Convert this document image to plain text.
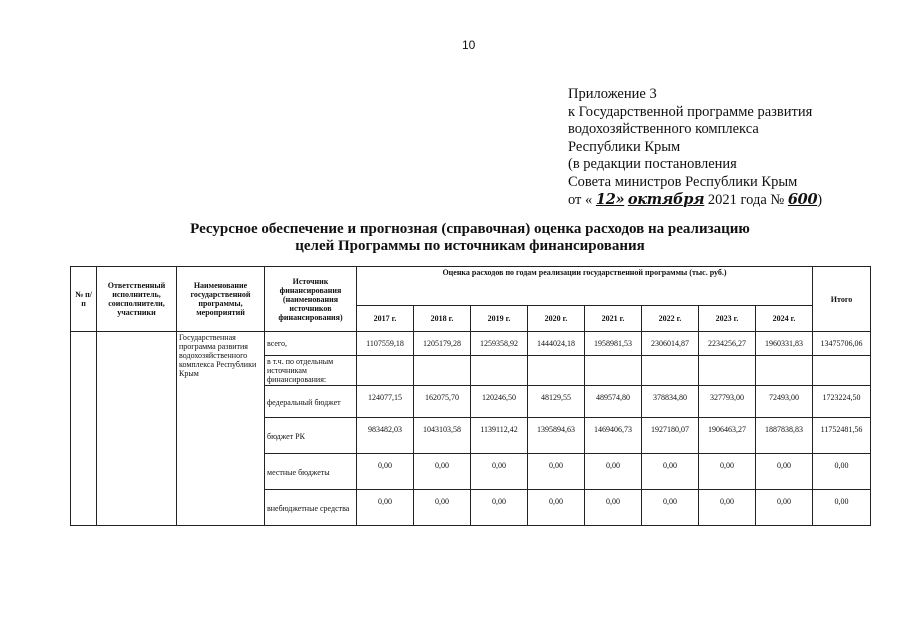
10
Приложение 3
к Государственной программе развития
водохозяйственного комплекса
Республики Крым
(в редакции постановления
Совета министров Республики Крым
от « 12» октября 2021 года № 600)
Ресурсное обеспечение и прогнозная (справочная) оценка расходов на реализацию
целей Программы по источникам финансирования
№ п/п	Ответственный исполнитель, соисполнители, участники	Наименование государственной программы, мероприятий	Источник финансирования (наименования источников финансирования)	Оценка расходов по годам реализации государственной программы (тыс. руб.)								Итого
				2017 г.	2018 г.	2019 г.	2020 г.	2021 г.	2022 г.	2023 г.	2024 г.	
		Государственная программа развития водохозяйственного комплекса Республики Крым	всего,	1107559,18	1205179,28	1259358,92	1444024,18	1958981,53	2306014,87	2234256,27	1960331,83	13475706,06
			в т.ч. по отдельным источникам финансирования:									
			федеральный бюджет	124077,15	162075,70	120246,50	48129,55	489574,80	378834,80	327793,00	72493,00	1723224,50
			бюджет РК	983482,03	1043103,58	1139112,42	1395894,63	1469406,73	1927180,07	1906463,27	1887838,83	11752481,56
			местные бюджеты	0,00	0,00	0,00	0,00	0,00	0,00	0,00	0,00	0,00
			внебюджетные средства	0,00	0,00	0,00	0,00	0,00	0,00	0,00	0,00	0,00
